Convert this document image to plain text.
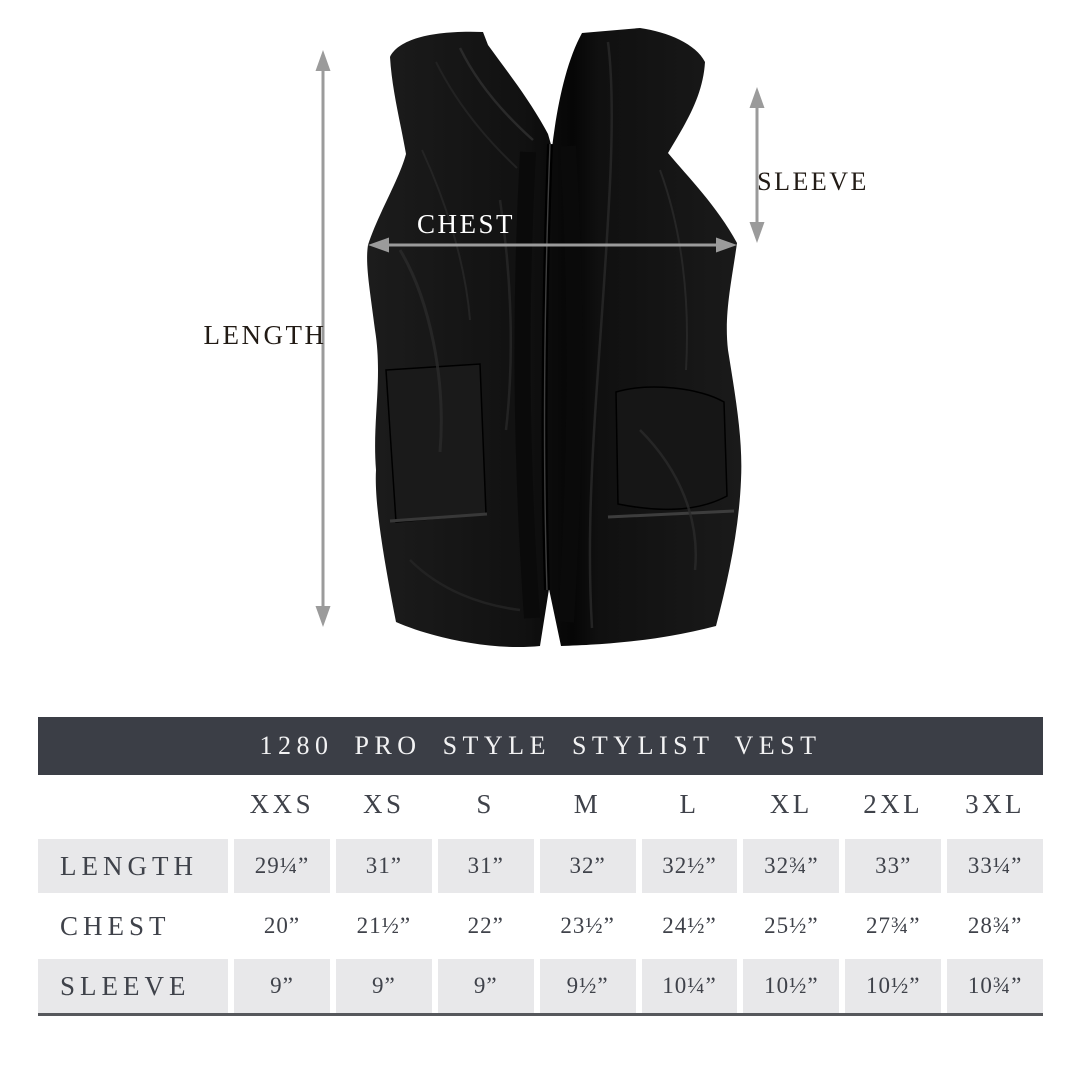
LENGTH
CHEST
SLEEVE
1280 PRO STYLE STYLIST VEST
XXS	XS	S	M	L	XL	2XL	3XL
LENGTH	29¼”	31”	31”	32”	32½”	32¾”	33”	33¼”
CHEST	20”	21½”	22”	23½”	24½”	25½”	27¾”	28¾”
SLEEVE	9”	9”	9”	9½”	10¼”	10½”	10½”	10¾”
